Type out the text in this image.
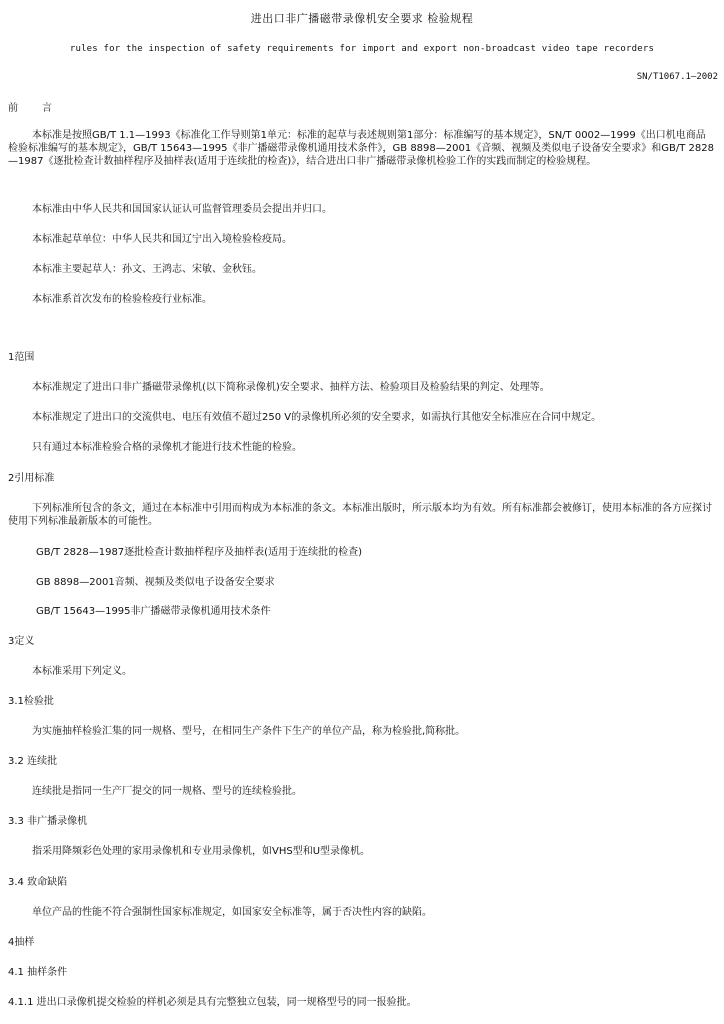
进出口非广播磁带录像机安全要求 检验规程
rules for the inspection of safety requirements for import and export non-broadcast video tape recorders
SN/T1067.1—2002
前 言
本标准是按照GB/T 1.1—1993《标准化工作导则第1单元：标准的起草与表述规则第1部分：标准编写的基本规定》，SN/T 0002—1999《出口机电商品检验标准编写的基本规定》，GB/T 15643—1995《非广播磁带录像机通用技术条件》，GB 8898—2001《音频、视频及类似电子设备安全要求》和GB/T 2828—1987《逐批检查计数抽样程序及抽样表(适用于连续批的检查)》，结合进出口非广播磁带录像机检验工作的实践而制定的检验规程。
本标准由中华人民共和国国家认证认可监督管理委员会提出并归口。
本标准起草单位：中华人民共和国辽宁出入境检验检疫局。
本标准主要起草人：孙文、王鸿志、宋敏、金秋钰。
本标准系首次发布的检验检疫行业标准。
1范围
本标准规定了进出口非广播磁带录像机(以下简称录像机)安全要求、抽样方法、检验项目及检验结果的判定、处理等。
本标准规定了进出口的交流供电、电压有效值不超过250 V的录像机所必须的安全要求，如需执行其他安全标准应在合同中规定。
只有通过本标准检验合格的录像机才能进行技术性能的检验。
2引用标准
下列标准所包含的条文，通过在本标准中引用而构成为本标准的条文。本标准出版时，所示版本均为有效。所有标准都会被修订，使用本标准的各方应探讨使用下列标准最新版本的可能性。
GB/T 2828—1987逐批检查计数抽样程序及抽样表(适用于连续批的检查)
GB 8898—2001音频、视频及类似电子设备安全要求
GB/T 15643—1995非广播磁带录像机通用技术条件
3定义
本标准采用下列定义。
3.1检验批
为实施抽样检验汇集的同一规格、型号，在相同生产条件下生产的单位产品，称为检验批,简称批。
3.2 连续批
连续批是指同一生产厂提交的同一规格、型号的连续检验批。
3.3 非广播录像机
指采用降频彩色处理的家用录像机和专业用录像机，如VHS型和U型录像机。
3.4 致命缺陷
单位产品的性能不符合强制性国家标准规定，如国家安全标准等，属于否决性内容的缺陷。
4抽样
4.1 抽样条件
4.1.1 进出口录像机提交检验的样机必须是具有完整独立包装，同一规格型号的同一报验批。
